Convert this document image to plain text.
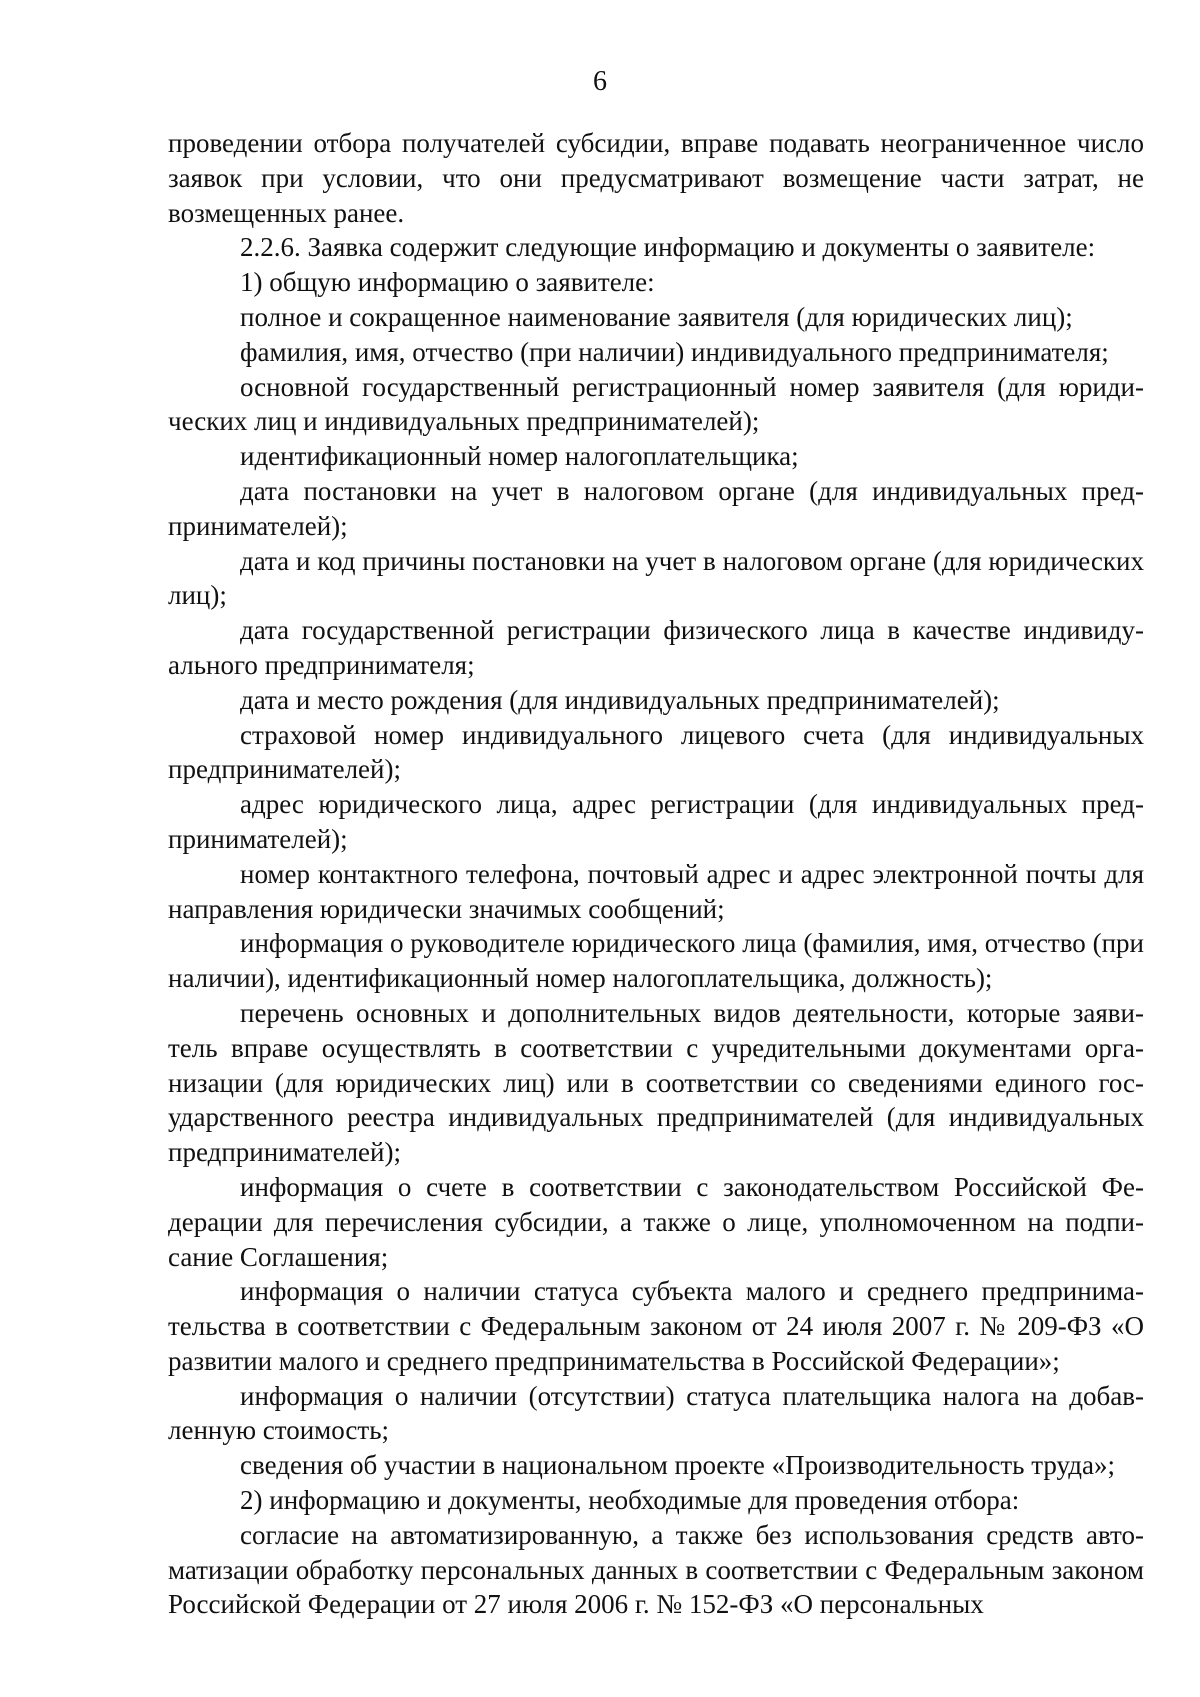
6

проведении отбора получателей субсидии, вправе подавать неограниченное число заявок при условии, что они предусматривают возмещение части затрат, не возмещенных ранее.

2.2.6. Заявка содержит следующие информацию и документы о заявителе:

1) общую информацию о заявителе:

полное и сокращенное наименование заявителя (для юридических лиц);

фамилия, имя, отчество (при наличии) индивидуального предпринимателя;

основной государственный регистрационный номер заявителя (для юридических лиц и индивидуальных предпринимателей);

идентификационный номер налогоплательщика;

дата постановки на учет в налоговом органе (для индивидуальных предпринимателей);

дата и код причины постановки на учет в налоговом органе (для юридических лиц);

дата государственной регистрации физического лица в качестве индивидуального предпринимателя;

дата и место рождения (для индивидуальных предпринимателей);

страховой номер индивидуального лицевого счета (для индивидуальных предпринимателей);

адрес юридического лица, адрес регистрации (для индивидуальных предпринимателей);

номер контактного телефона, почтовый адрес и адрес электронной почты для направления юридически значимых сообщений;

информация о руководителе юридического лица (фамилия, имя, отчество (при наличии), идентификационный номер налогоплательщика, должность);

перечень основных и дополнительных видов деятельности, которые заявитель вправе осуществлять в соответствии с учредительными документами организации (для юридических лиц) или в соответствии со сведениями единого государственного реестра индивидуальных предпринимателей (для индивидуальных предпринимателей);

информация о счете в соответствии с законодательством Российской Федерации для перечисления субсидии, а также о лице, уполномоченном на подписание Соглашения;

информация о наличии статуса субъекта малого и среднего предпринимательства в соответствии с Федеральным законом от 24 июля 2007 г. № 209-ФЗ «О развитии малого и среднего предпринимательства в Российской Федерации»;

информация о наличии (отсутствии) статуса плательщика налога на добавленную стоимость;

сведения об участии в национальном проекте «Производительность труда»;

2) информацию и документы, необходимые для проведения отбора:

согласие на автоматизированную, а также без использования средств автоматизации обработку персональных данных в соответствии с Федеральным законом Российской Федерации от 27 июля 2006 г. № 152-ФЗ «О персональных
